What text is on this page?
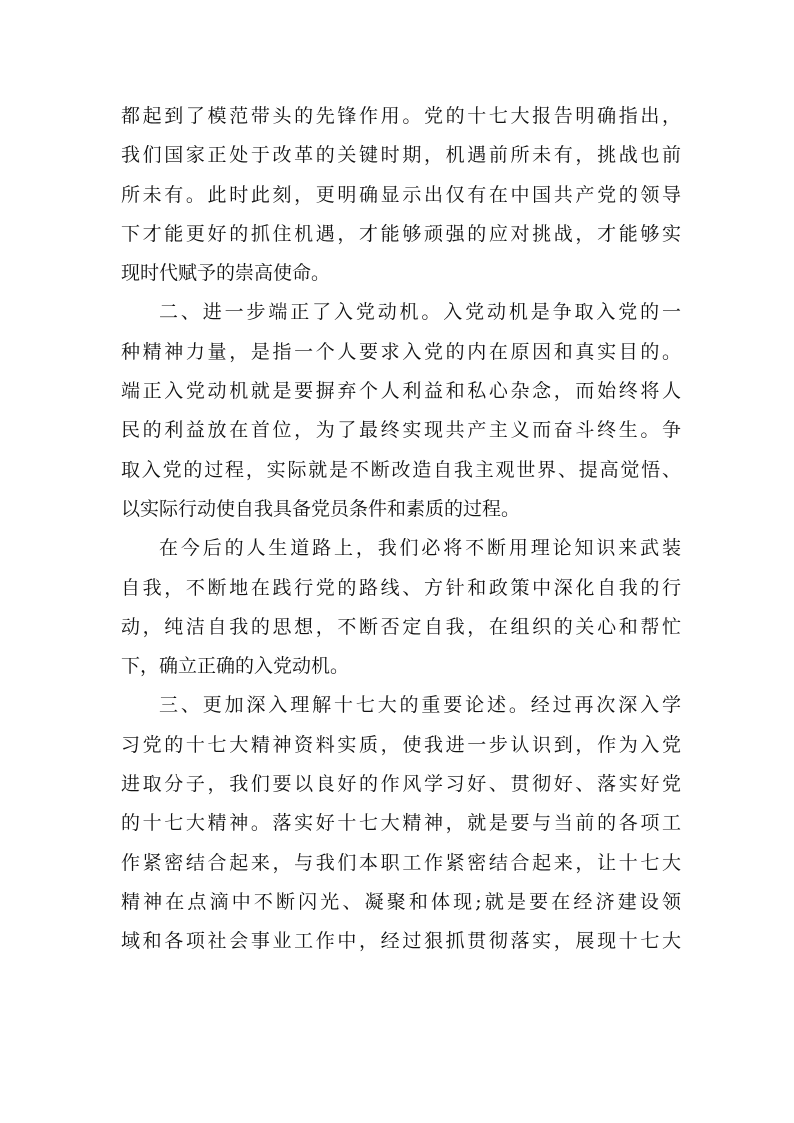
都起到了模范带头的先锋作用。党的十七大报告明确指出，
我们国家正处于改革的关键时期，机遇前所未有，挑战也前
所未有。此时此刻，更明确显示出仅有在中国共产党的领导
下才能更好的抓住机遇，才能够顽强的应对挑战，才能够实
现时代赋予的崇高使命。
二、进一步端正了入党动机。入党动机是争取入党的一
种精神力量，是指一个人要求入党的内在原因和真实目的。
端正入党动机就是要摒弃个人利益和私心杂念，而始终将人
民的利益放在首位，为了最终实现共产主义而奋斗终生。争
取入党的过程，实际就是不断改造自我主观世界、提高觉悟、
以实际行动使自我具备党员条件和素质的过程。
在今后的人生道路上，我们必将不断用理论知识来武装
自我，不断地在践行党的路线、方针和政策中深化自我的行
动，纯洁自我的思想，不断否定自我，在组织的关心和帮忙
下，确立正确的入党动机。
三、更加深入理解十七大的重要论述。经过再次深入学
习党的十七大精神资料实质，使我进一步认识到，作为入党
进取分子，我们要以良好的作风学习好、贯彻好、落实好党
的十七大精神。落实好十七大精神，就是要与当前的各项工
作紧密结合起来，与我们本职工作紧密结合起来，让十七大
精神在点滴中不断闪光、凝聚和体现;就是要在经济建设领
域和各项社会事业工作中，经过狠抓贯彻落实，展现十七大
